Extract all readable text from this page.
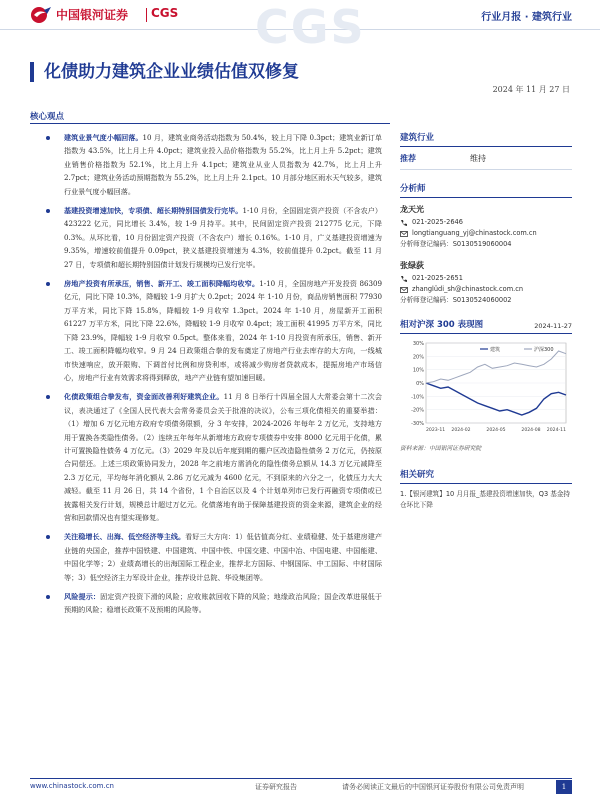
中国银河证券 CGS	行业月报 · 建筑行业
CGS
化债助力建筑企业业绩估值双修复
2024 年 11 月 27 日
核心观点
建筑业景气度小幅回落。10 月，建筑业商务活动指数为 50.4%，较上月下降 0.3pct；建筑业新订单指数为 43.5%，比上月上升 4.0pct；建筑业投入品价格指数为 55.2%，比上月上升 5.2pct；建筑业销售价格指数为 52.1%，比上月上升 4.1pct；建筑业从业人员指数为 42.7%，比上月上升 2.7pct；建筑业务活动预期指数为 55.2%，比上月上升 2.1pct。10 月部分地区雨水天气较多，建筑行业景气度小幅回落。
基建投资增速加快，专项债、超长期特别国债发行完毕。1-10 月份，全国固定资产投资（不含农户）423222 亿元，同比增长 3.4%，较 1-9 月持平。其中，民间固定资产投资 212775 亿元，下降 0.3%。从环比看，10 月份固定资产投资（不含农户）增长 0.16%。1-10 月，广义基建投资增速为 9.35%，增速较前值提升 0.09pct，狭义基建投资增速为 4.3%，较前值提升 0.2pct。截至 11 月 27 日，专项债和超长期特别国债计划发行规模均已发行完毕。
房地产投资有所承压，销售、新开工、竣工面积降幅均收窄。1-10 月，全国房地产开发投资 86309 亿元，同比下降 10.3%，降幅较 1-9 月扩大 0.2pct；2024 年 1-10 月份，商品房销售面积 77930 万平方米，同比下降 15.8%，降幅较 1-9 月收窄 1.3pct。2024 年 1-10 月，房屋新开工面积 61227 万平方米，同比下降 22.6%，降幅较 1-9 月收窄 0.4pct；竣工面积 41995 万平方米，同比下降 23.9%，降幅较 1-9 月收窄 0.5pct。整体来看，2024 年 1-10 月投资有所承压，销售、新开工、竣工面积降幅均收窄。9 月 24 日政策组合拳的发布奠定了房地产行业去库存的大方向，一线城市快速响应，放开限购、下调首付比例和房贷利率，或将减少购房者贷款成本，提振房地产市场信心，房地产行业有效需求将得到释放，地产产业链有望加速回暖。
化债政策组合拳发布，资金面改善利好建筑企业。11 月 8 日举行十四届全国人大常委会第十二次会议，表决通过了《全国人民代表大会常务委员会关于批准的决议》，公布三项化债相关的重要举措：（1）增加 6 万亿元地方政府专项债务限额，分 3 年安排，2024-2026 年每年 2 万亿元，支持地方用于置换各类隐性债务。（2）连续五年每年从新增地方政府专项债券中安排 8000 亿元用于化债，累计可置换隐性债务 4 万亿元。（3）2029 年及以后年度到期的棚户区改造隐性债务 2 万亿元，仍按原合同偿还。上述三项政策协同发力，2028 年之前地方需消化的隐性债务总额从 14.3 万亿元减降至 2.3 万亿元，平均每年消化额从 2.86 万亿元减为 4600 亿元，不到原来的六分之一，化债压力大大减轻。截至 11 月 26 日，共 14 个省份，1 个自治区以及 4 个计划单列市已发行再融资专项债或已披露相关发行计划，规模总计超过万亿元。化债落地有助于保障基建投资的资金来源，建筑企业的经营和回款情况也有望实现修复。
关注稳增长、出海、低空经济等主线。看好三大方向：1）低估值高分红、业绩稳健、处于基建房建产业链的央国企，推荐中国铁建、中国建筑、中国中铁、中国交建、中国中冶、中国电建、中国能建、中国化学等；2）业绩高增长的出海国际工程企业，推荐北方国际、中钢国际、中工国际、中材国际等；3）低空经济主力军设计企业，推荐设计总院、华设集团等。
风险提示：固定资产投资下滑的风险；应收账款回收下降的风险；地缘政治风险；国企改革进展低于预期的风险；稳增长政策不及预期的风险等。
建筑行业
推荐	维持
分析师
龙天光
021-2025-2646
longtianguang_yj@chinastock.com.cn
分析师登记编码：S0130519060004
张绿荻
021-2025-2651
zhanglüdi_sh@chinastock.com.cn
分析师登记编码：S0130524060002
相对沪深 300 表现图	2024-11-27
30%
20%
10%
0%
-10%
-20%
-30%
2023-11 2024-02	2024-05	2024-08 2024-11
建筑	沪深300
资料来源：中国银河证券研究院
相关研究
1.【银河建筑】10 月月报_基建投资增速加快，Q3 基金持仓环比下降
www.chinastock.com.cn	证券研究报告	请务必阅读正文最后的中国银河证券股份有限公司免责声明	1
